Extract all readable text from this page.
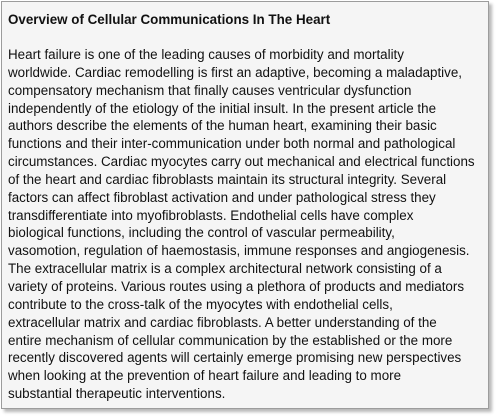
Overview of Cellular Communications In The Heart
Heart failure is one of the leading causes of morbidity and mortality
worldwide. Cardiac remodelling is first an adaptive, becoming a maladaptive,
compensatory mechanism that finally causes ventricular dysfunction
independently of the etiology of the initial insult. In the present article the
authors describe the elements of the human heart, examining their basic
functions and their inter-communication under both normal and pathological
circumstances. Cardiac myocytes carry out mechanical and electrical functions
of the heart and cardiac fibroblasts maintain its structural integrity. Several
factors can affect fibroblast activation and under pathological stress they
transdifferentiate into myofibroblasts. Endothelial cells have complex
biological functions, including the control of vascular permeability,
vasomotion, regulation of haemostasis, immune responses and angiogenesis.
The extracellular matrix is a complex architectural network consisting of a
variety of proteins. Various routes using a plethora of products and mediators
contribute to the cross-talk of the myocytes with endothelial cells,
extracellular matrix and cardiac fibroblasts. A better understanding of the
entire mechanism of cellular communication by the established or the more
recently discovered agents will certainly emerge promising new perspectives
when looking at the prevention of heart failure and leading to more
substantial therapeutic interventions.
